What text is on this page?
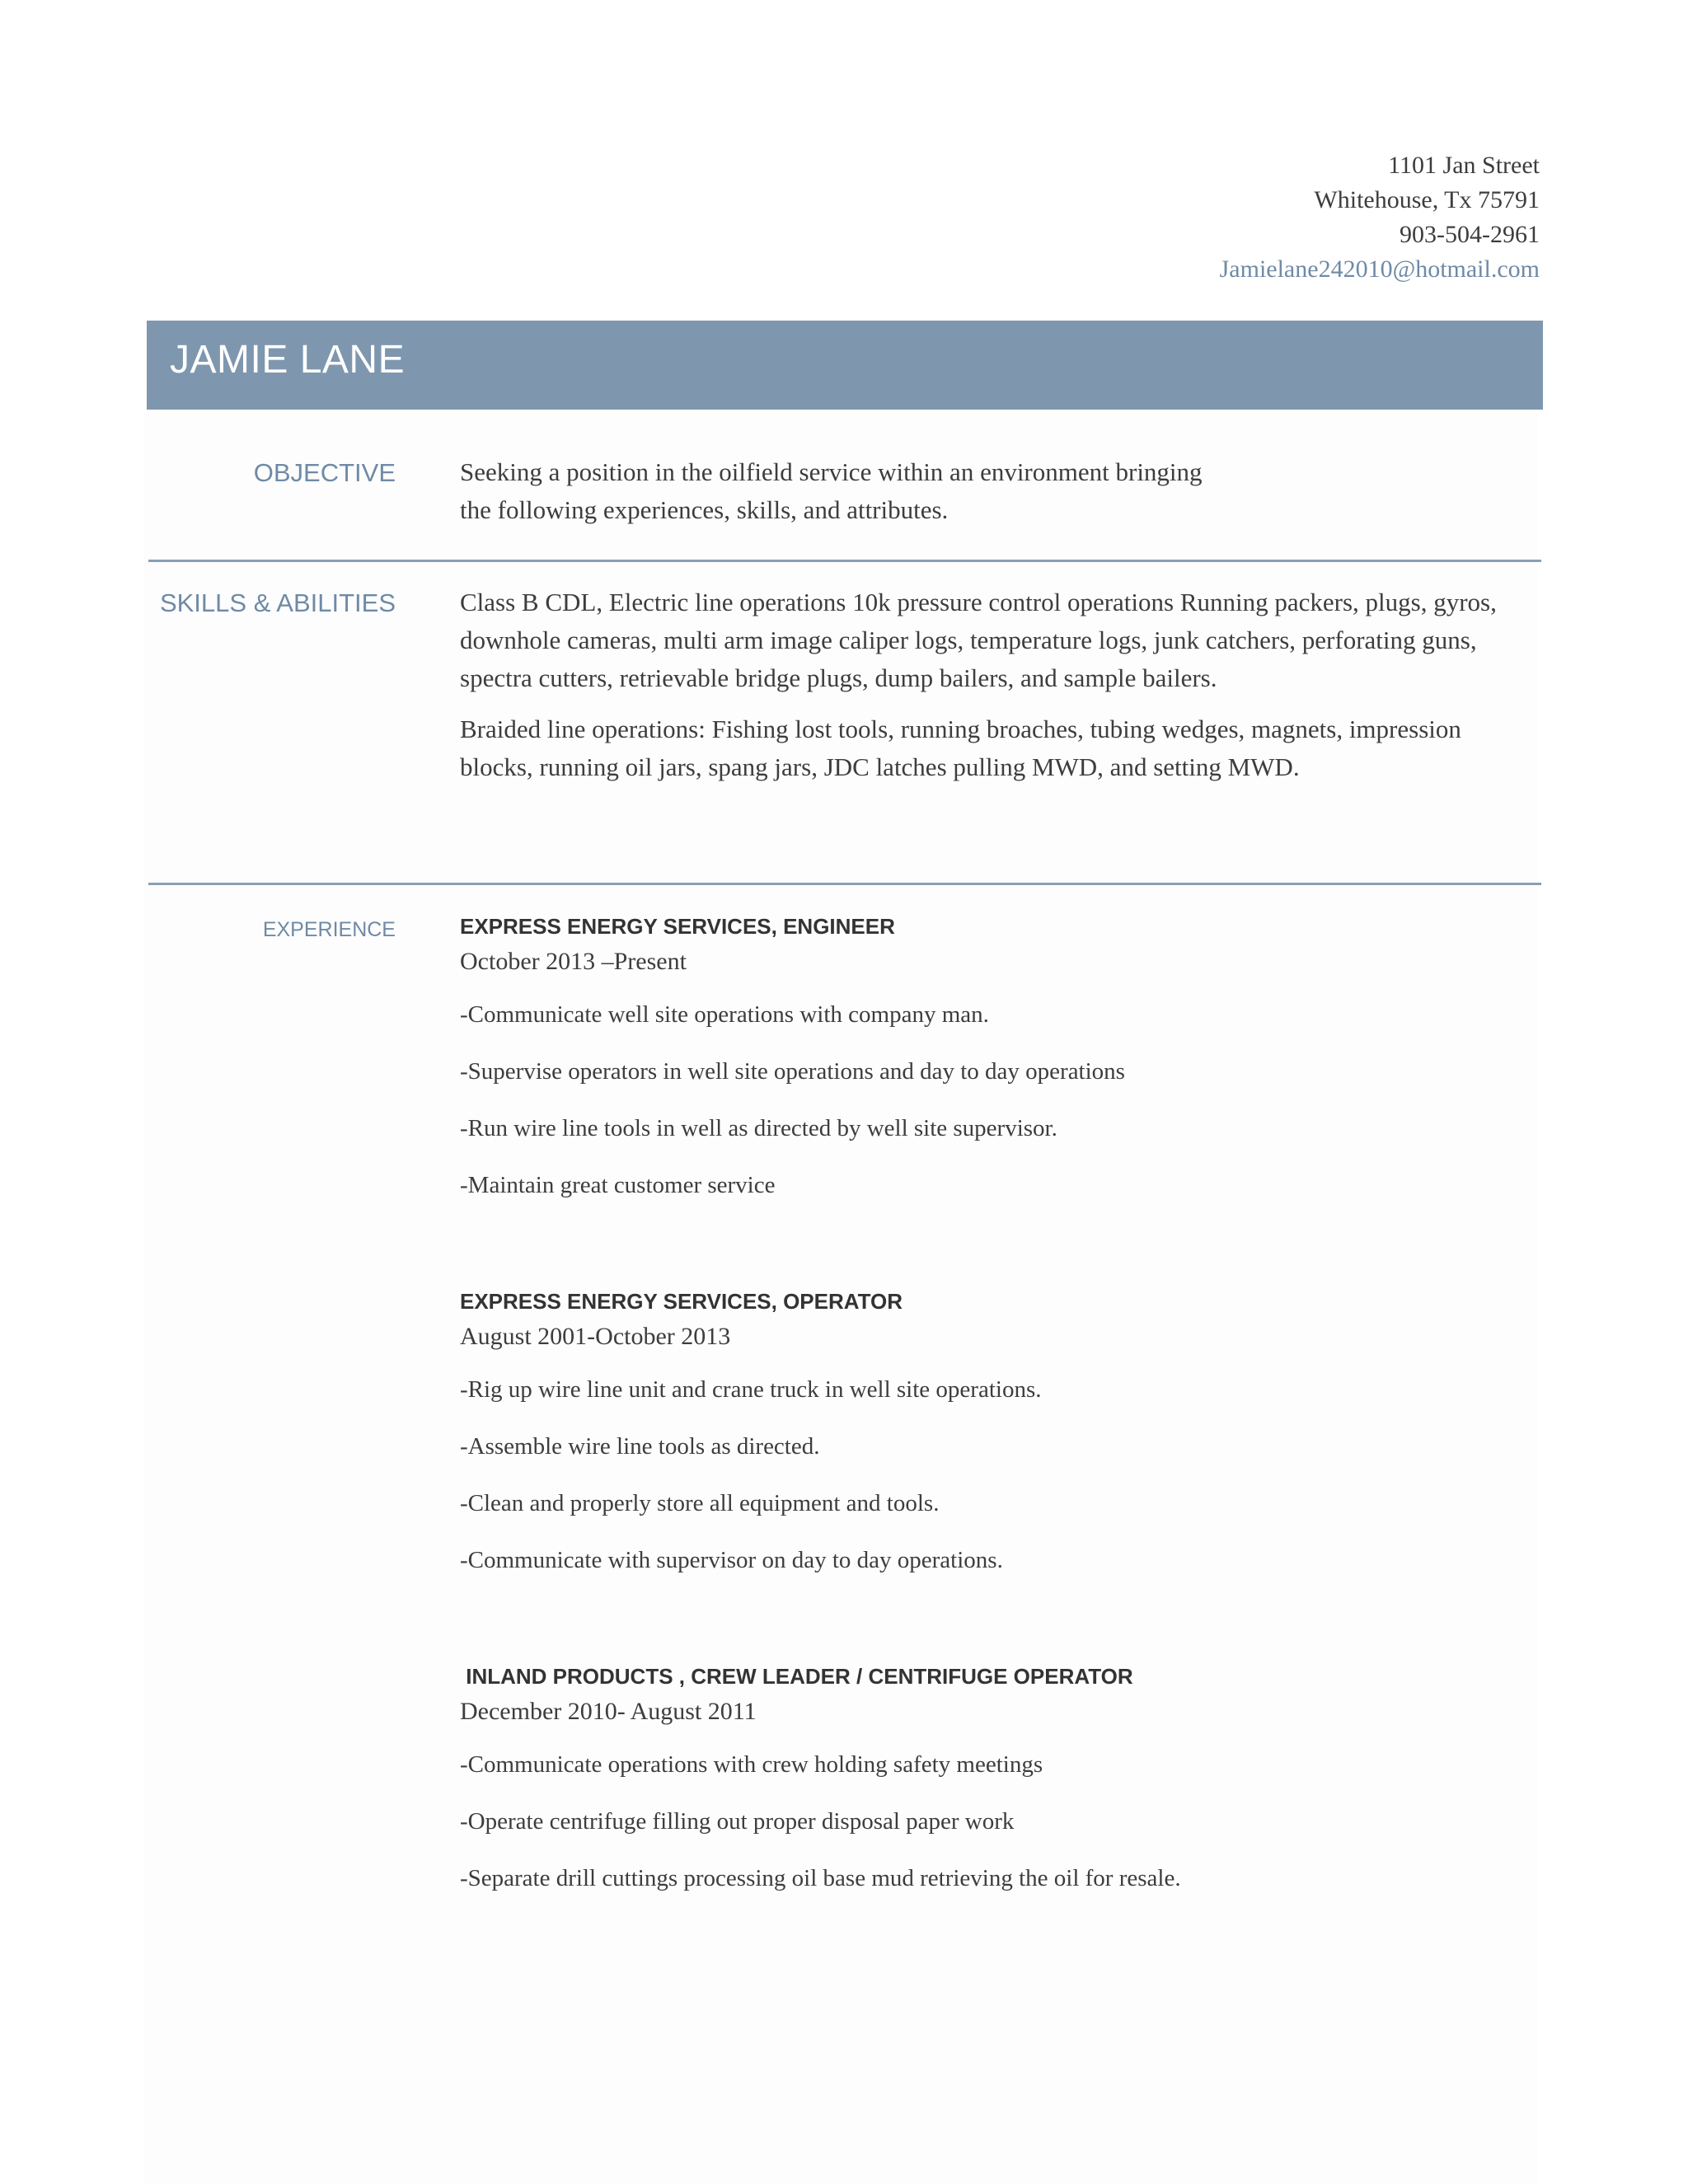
1101 Jan Street
Whitehouse, Tx 75791
903-504-2961
Jamielane242010@hotmail.com
JAMIE LANE
OBJECTIVE	Seeking a position in the oilfield service within an environment bringing
the following experiences, skills, and attributes.
SKILLS & ABILITIES	Class B CDL, Electric line operations 10k pressure control operations Running packers, plugs, gyros, downhole cameras, multi arm image caliper logs, temperature logs, junk catchers, perforating guns, spectra cutters, retrievable bridge plugs, dump bailers, and sample bailers.

Braided line operations: Fishing lost tools, running broaches, tubing wedges, magnets, impression blocks, running oil jars, spang jars, JDC latches pulling MWD, and setting MWD.

EXPERIENCE	EXPRESS ENERGY SERVICES, ENGINEER
October 2013 –Present
-Communicate well site operations with company man.
-Supervise operators in well site operations and day to day operations
-Run wire line tools in well as directed by well site supervisor.
-Maintain great customer service
EXPRESS ENERGY SERVICES, OPERATOR
August 2001-October 2013
-Rig up wire line unit and crane truck in well site operations.
-Assemble wire line tools as directed.
-Clean and properly store all equipment and tools.
-Communicate with supervisor on day to day operations.
INLAND PRODUCTS , CREW LEADER / CENTRIFUGE OPERATOR
December 2010- August 2011
-Communicate operations with crew holding safety meetings
-Operate centrifuge filling out proper disposal paper work
-Separate drill cuttings processing oil base mud retrieving the oil for resale.
